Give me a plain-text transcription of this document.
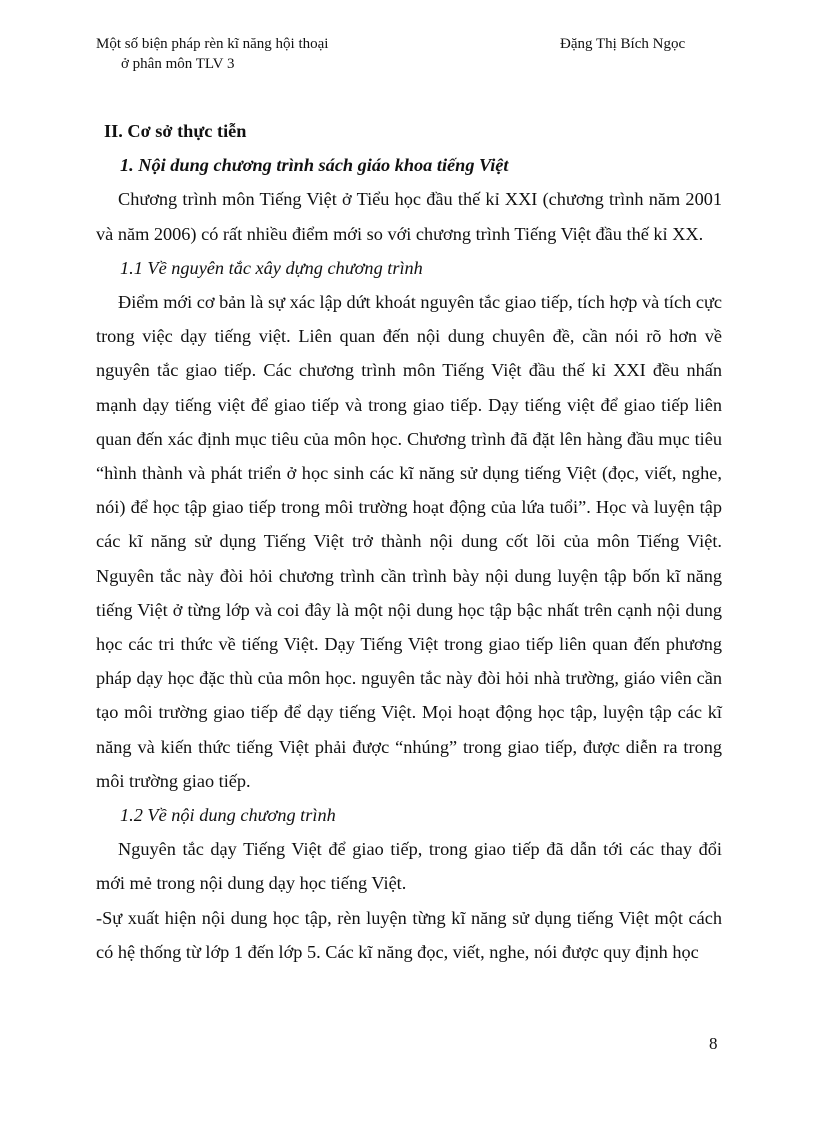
Một số biện pháp rèn kĩ năng hội thoại
ở phân môn TLV 3
Đặng Thị Bích Ngọc

II. Cơ sở thực tiễn

1. Nội dung chương trình sách giáo khoa tiếng Việt

Chương trình môn Tiếng Việt ở Tiểu học đầu thế kỉ XXI (chương trình năm 2001 và năm 2006) có rất nhiều điểm mới so với chương trình Tiếng Việt đầu thế kỉ XX.

1.1 Về nguyên tắc xây dựng chương trình

Điểm mới cơ bản là sự xác lập dứt khoát nguyên tắc giao tiếp, tích hợp và tích cực trong việc dạy tiếng việt. Liên quan đến nội dung chuyên đề, cần nói rõ hơn về nguyên tắc giao tiếp. Các chương trình môn Tiếng Việt đầu thế kỉ XXI đều nhấn mạnh dạy tiếng việt để giao tiếp và trong giao tiếp. Dạy tiếng việt để giao tiếp liên quan đến xác định mục tiêu của môn học. Chương trình đã đặt lên hàng đầu mục tiêu “hình thành và phát triển ở học sinh các kĩ năng sử dụng tiếng Việt (đọc, viết, nghe, nói) để học tập giao tiếp trong môi trường hoạt động của lứa tuổi”. Học và luyện tập các kĩ năng sử dụng Tiếng Việt trở thành nội dung cốt lõi của môn Tiếng Việt. Nguyên tắc này đòi hỏi chương trình cần trình bày nội dung luyện tập bốn kĩ năng tiếng Việt ở từng lớp và coi đây là một nội dung học tập bậc nhất trên cạnh nội dung học các tri thức về tiếng Việt. Dạy Tiếng Việt trong giao tiếp liên quan đến phương pháp dạy học đặc thù của môn học. nguyên tắc này đòi hỏi nhà trường, giáo viên cần tạo môi trường giao tiếp để dạy tiếng Việt. Mọi hoạt động học tập, luyện tập các kĩ năng và kiến thức tiếng Việt phải được “nhúng” trong giao tiếp, được diễn ra trong môi trường giao tiếp.

1.2 Về nội dung chương trình

Nguyên tắc dạy Tiếng Việt để giao tiếp, trong giao tiếp đã dẫn tới các thay đổi mới mẻ trong nội dung dạy học tiếng Việt.

-Sự xuất hiện nội dung học tập, rèn luyện từng kĩ năng sử dụng tiếng Việt một cách có hệ thống từ lớp 1 đến lớp 5. Các kĩ năng đọc, viết, nghe, nói được quy định học

8
